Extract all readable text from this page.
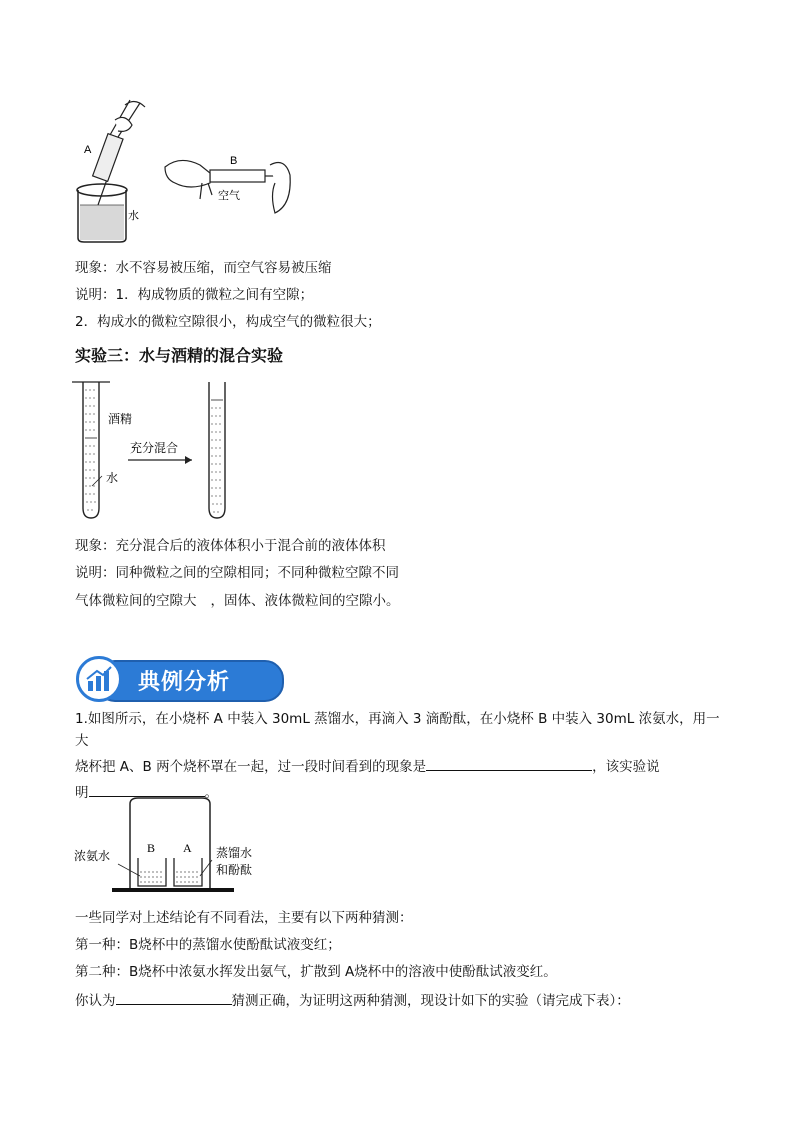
A
水
B
空气
现象：水不容易被压缩，而空气容易被压缩
说明：1．构成物质的微粒之间有空隙；
2．构成水的微粒空隙很小，构成空气的微粒很大；
实验三：水与酒精的混合实验
酒精
充分混合
水
现象：充分混合后的液体体积小于混合前的液体体积
说明：同种微粒之间的空隙相同；不同种微粒空隙不同
气体微粒间的空隙大 ，固体、液体微粒间的空隙小。
典例分析
1.如图所示，在小烧杯 A 中装入 30mL 蒸馏水，再滴入 3 滴酚酞，在小烧杯 B 中装入 30mL 浓氨水，用一大
烧杯把 A、B 两个烧杯罩在一起，过一段时间看到的现象是	，该实验说
明	。
浓氨水
B A 蒸馏水
和酚酞
一些同学对上述结论有不同看法，主要有以下两种猜测：
第一种：B烧杯中的蒸馏水使酚酞试液变红；
第二种：B烧杯中浓氨水挥发出氨气，扩散到 A烧杯中的溶液中使酚酞试液变红。
你认为	猜测正确，为证明这两种猜测，现设计如下的实验（请完成下表）：
